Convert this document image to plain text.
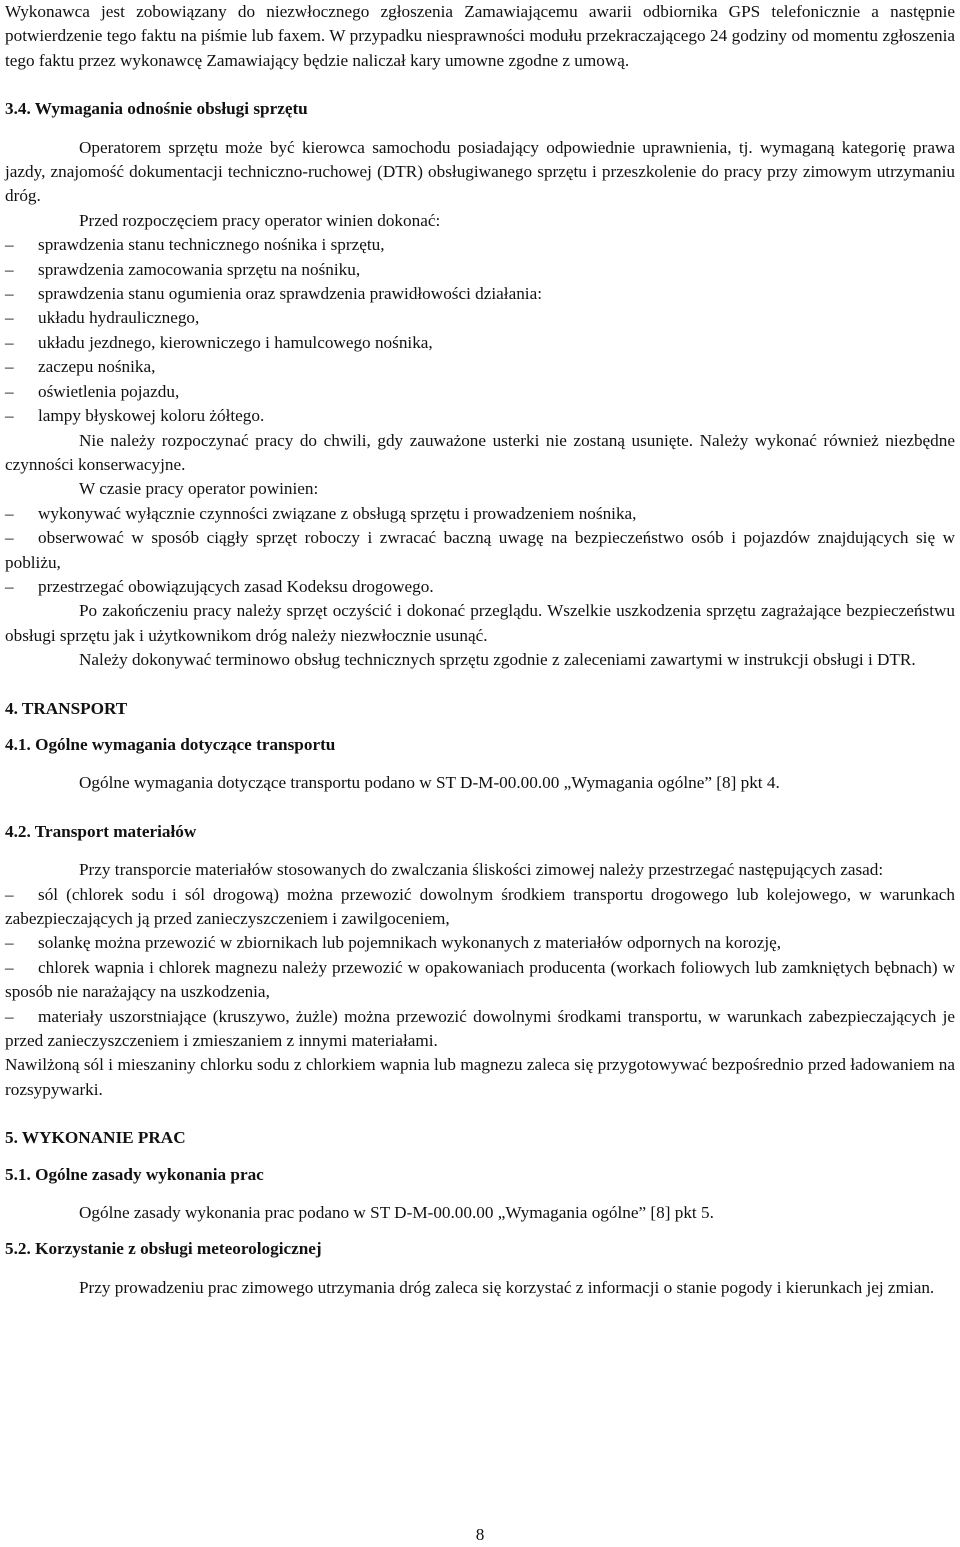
Wykonawca jest zobowiązany do niezwłocznego zgłoszenia Zamawiającemu awarii odbiornika GPS telefonicznie a następnie potwierdzenie tego faktu na piśmie lub faxem. W przypadku niesprawności modułu przekraczającego 24 godziny od momentu zgłoszenia tego faktu przez wykonawcę Zamawiający będzie naliczał kary umowne zgodne z umową.

3.4. Wymagania odnośnie obsługi sprzętu

Operatorem sprzętu może być kierowca samochodu posiadający odpowiednie uprawnienia, tj. wymaganą kategorię prawa jazdy, znajomość dokumentacji techniczno-ruchowej (DTR) obsługiwanego sprzętu i przeszkolenie do pracy przy zimowym utrzymaniu dróg.

Przed rozpoczęciem pracy operator winien dokonać:

– sprawdzenia stanu technicznego nośnika i sprzętu,
– sprawdzenia zamocowania sprzętu na nośniku,
– sprawdzenia stanu ogumienia oraz sprawdzenia prawidłowości działania:
– układu hydraulicznego,
– układu jezdnego, kierowniczego i hamulcowego nośnika,
– zaczepu nośnika,
– oświetlenia pojazdu,
– lampy błyskowej koloru żółtego.

Nie należy rozpoczynać pracy do chwili, gdy zauważone usterki nie zostaną usunięte. Należy wykonać również niezbędne czynności konserwacyjne.

W czasie pracy operator powinien:

– wykonywać wyłącznie czynności związane z obsługą sprzętu i prowadzeniem nośnika,
– obserwować w sposób ciągły sprzęt roboczy i zwracać baczną uwagę na bezpieczeństwo osób i pojazdów znajdujących się w pobliżu,
– przestrzegać obowiązujących zasad Kodeksu drogowego.

Po zakończeniu pracy należy sprzęt oczyścić i dokonać przeglądu. Wszelkie uszkodzenia sprzętu zagrażające bezpieczeństwu obsługi sprzętu jak i użytkownikom dróg należy niezwłocznie usunąć.

Należy dokonywać terminowo obsług technicznych sprzętu zgodnie z zaleceniami zawartymi w instrukcji obsługi i DTR.

4. TRANSPORT

4.1. Ogólne wymagania dotyczące transportu

Ogólne wymagania dotyczące transportu podano w ST D-M-00.00.00 „Wymagania ogólne” [8] pkt 4.

4.2. Transport materiałów

Przy transporcie materiałów stosowanych do zwalczania śliskości zimowej należy przestrzegać następujących zasad:

– sól (chlorek sodu i sól drogową) można przewozić dowolnym środkiem transportu drogowego lub kolejowego, w warunkach zabezpieczających ją przed zanieczyszczeniem i zawilgoceniem,
– solankę można przewozić w zbiornikach lub pojemnikach wykonanych z materiałów odpornych na korozję,
– chlorek wapnia i chlorek magnezu należy przewozić w opakowaniach producenta (workach foliowych lub zamkniętych bębnach) w sposób nie narażający na uszkodzenia,
– materiały uszorstniające (kruszywo, żużle) można przewozić dowolnymi środkami transportu, w warunkach zabezpieczających je przed zanieczyszczeniem i zmieszaniem z innymi materiałami.

Nawilżoną sól i mieszaniny chlorku sodu z chlorkiem wapnia lub magnezu zaleca się przygotowywać bezpośrednio przed ładowaniem na rozsypywarki.

5. WYKONANIE PRAC

5.1. Ogólne zasady wykonania prac

Ogólne zasady wykonania prac podano w ST D-M-00.00.00 „Wymagania ogólne” [8] pkt 5.

5.2. Korzystanie z obsługi meteorologicznej

Przy prowadzeniu prac zimowego utrzymania dróg zaleca się korzystać z informacji o stanie pogody i kierunkach jej zmian.

8
